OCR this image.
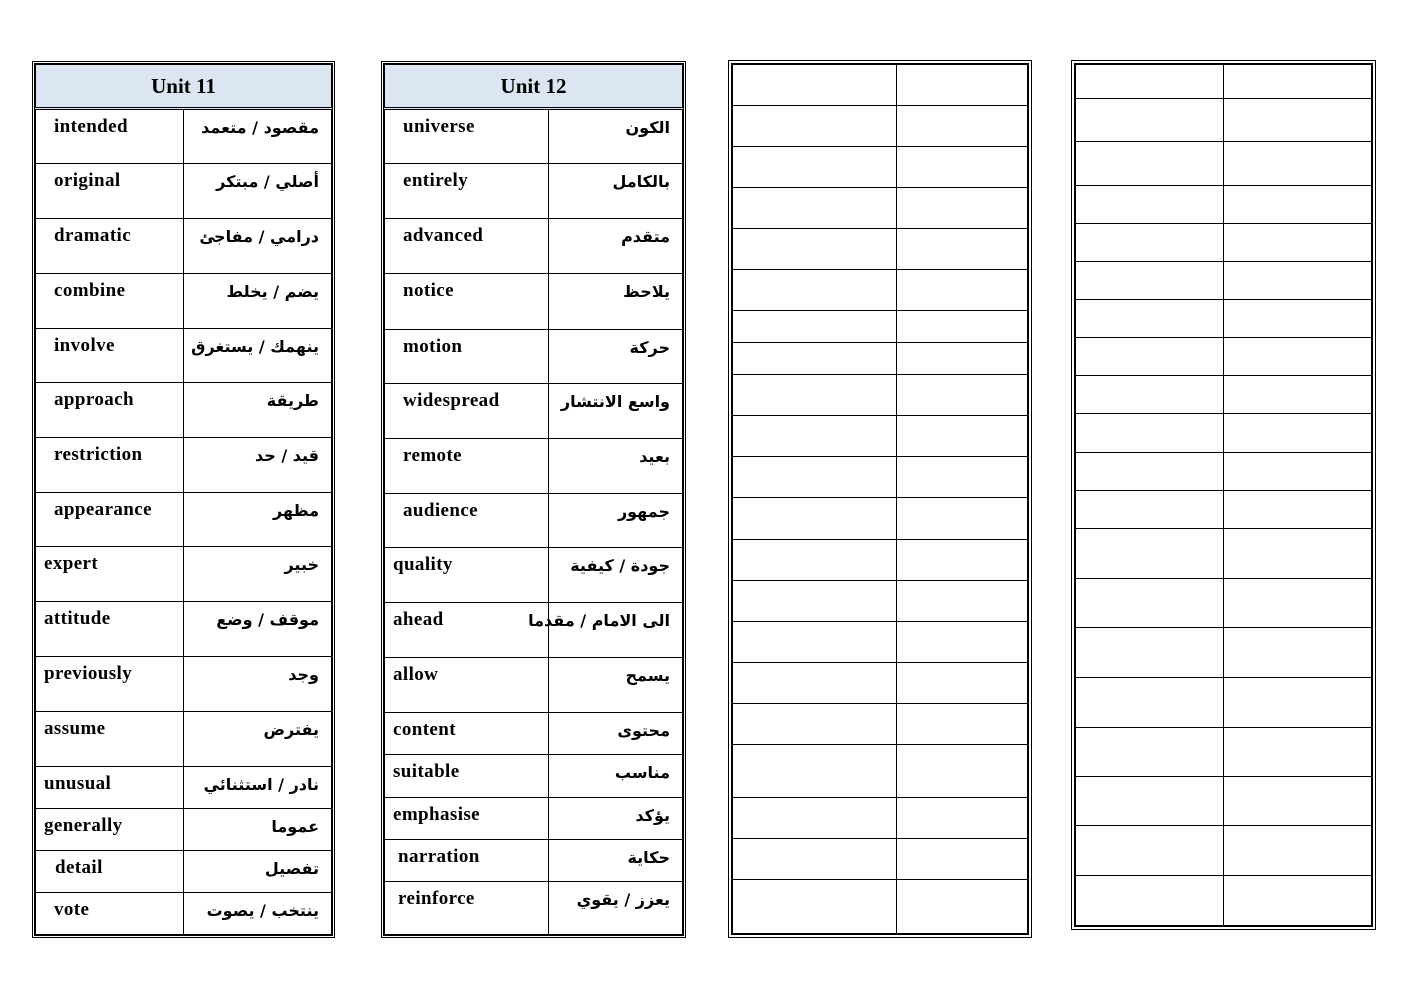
Unit 11	
intended	مقصود / متعمد
original	أصلي / مبتكر
dramatic	درامي / مفاجئ
combine	يضم / يخلط
involve	ينهمك / يستغرق
approach	طريقة
restriction	قيد / حد
appearance	مظهر
expert	خبير
attitude	موقف / وضع
previously	وجد
assume	يفترض
unusual	نادر / استثنائي
generally	عموما
detail	تفصيل
vote	ينتخب / يصوت
Unit 12	
universe	الكون
entirely	بالكامل
advanced	متقدم
notice	يلاحظ
motion	حركة
widespread	واسع الانتشار
remote	بعيد
audience	جمهور
quality	جودة / كيفية
ahead	الى الامام / مقدما
allow	يسمح
content	محتوى
suitable	مناسب
emphasise	يؤكد
narration	حكاية
reinforce	يعزز / يقوي
